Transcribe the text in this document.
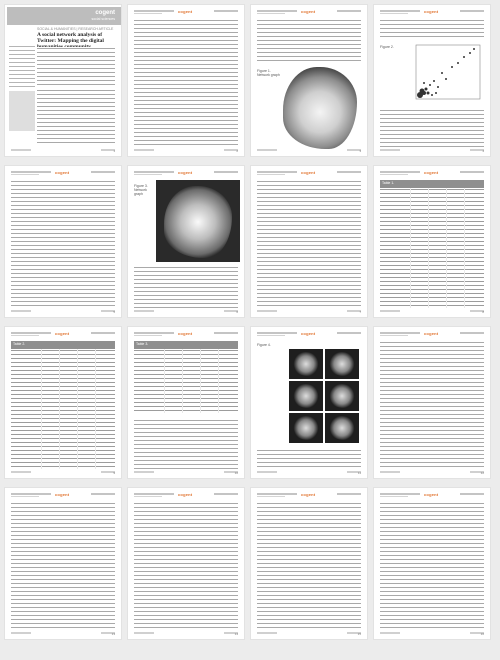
cogent
social sciences
SOCIAL & HUMANITIES | RESEARCH ARTICLE
A social network analysis of Twitter: Mapping the digital
1
cogent
2
cogent
Figure 1. Network graph
3
cogent
Figure 2.
4
cogent
5
cogent
Figure 3. Network graph
6
cogent
7
cogent
Table 1.
8
cogent
Table 2.
9
cogent
Table 3.
10
cogent
Figure 4.
11
cogent
12
cogent
13
cogent
14
cogent
15
cogent
16
